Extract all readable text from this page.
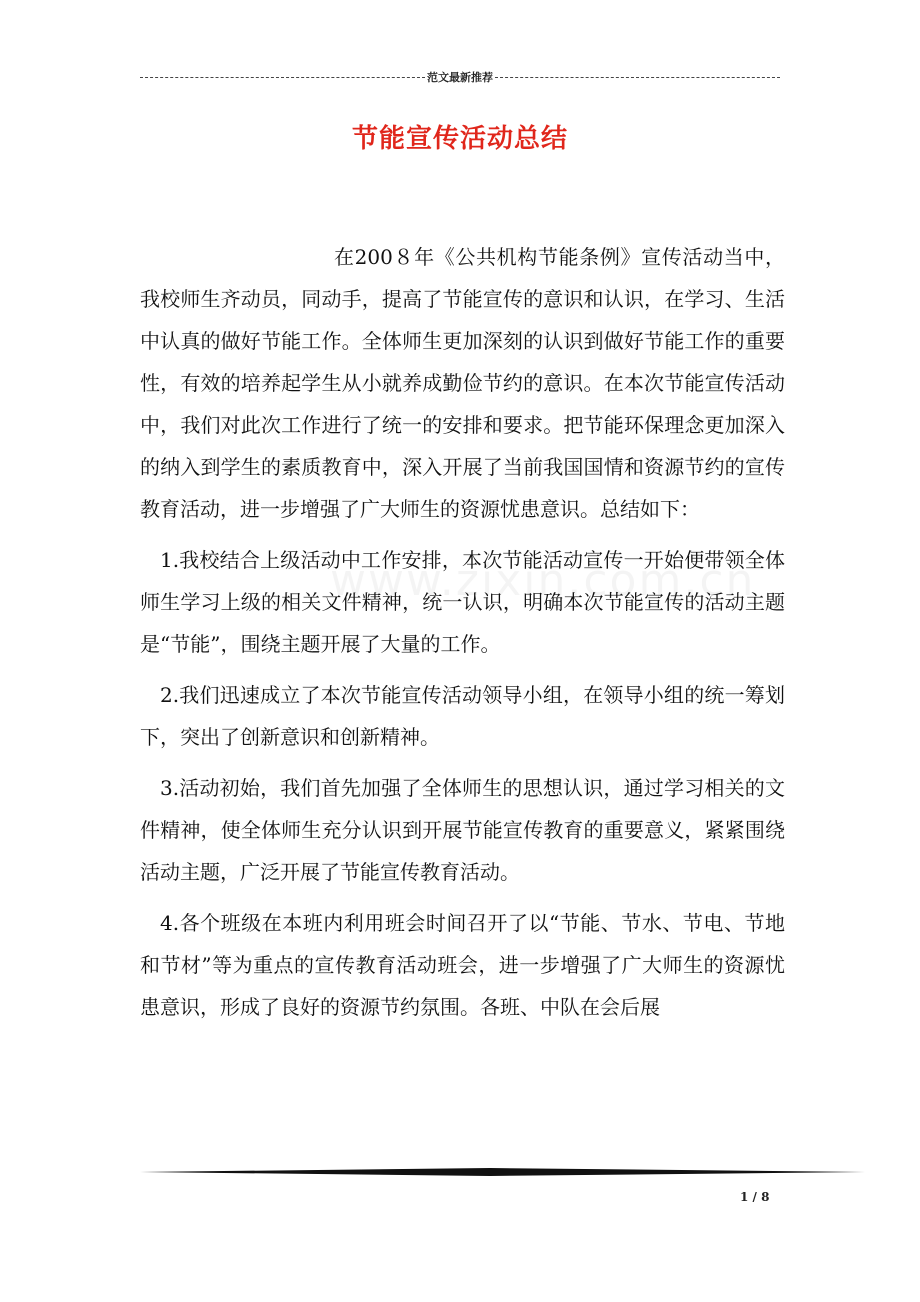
范文最新推荐
节能宣传活动总结

在200８年《公共机构节能条例》宣传活动当中，我校师生齐动员，同动手，提高了节能宣传的意识和认识，在学习、生活中认真的做好节能工作。全体师生更加深刻的认识到做好节能工作的重要性，有效的培养起学生从小就养成勤俭节约的意识。在本次节能宣传活动中，我们对此次工作进行了统一的安排和要求。把节能环保理念更加深入的纳入到学生的素质教育中，深入开展了当前我国国情和资源节约的宣传教育活动，进一步增强了广大师生的资源忧患意识。总结如下：

1.我校结合上级活动中工作安排，本次节能活动宣传一开始便带领全体师生学习上级的相关文件精神，统一认识，明确本次节能宣传的活动主题是“节能”，围绕主题开展了大量的工作。

2.我们迅速成立了本次节能宣传活动领导小组，在领导小组的统一筹划下，突出了创新意识和创新精神。

3.活动初始，我们首先加强了全体师生的思想认识，通过学习相关的文件精神，使全体师生充分认识到开展节能宣传教育的重要意义，紧紧围绕活动主题，广泛开展了节能宣传教育活动。

4.各个班级在本班内利用班会时间召开了以“节能、节水、节电、节地和节材”等为重点的宣传教育活动班会，进一步增强了广大师生的资源忧患意识，形成了良好的资源节约氛围。各班、中队在会后展

1 / 8
